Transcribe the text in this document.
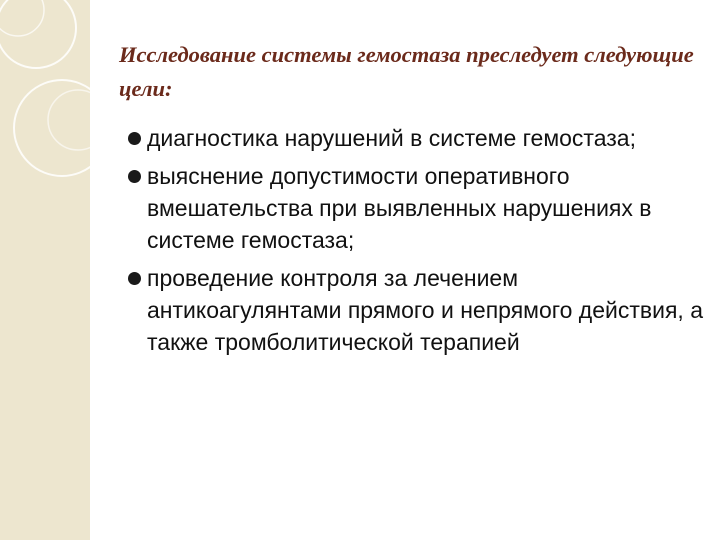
Исследование системы гемостаза преследует следующие цели:
диагностика нарушений в системе гемостаза;
выяснение допустимости оперативного вмешательства при выявленных нарушениях в системе гемостаза;
проведение контроля за лечением антикоагулянтами прямого и непрямого действия, а также тромболитической терапией
